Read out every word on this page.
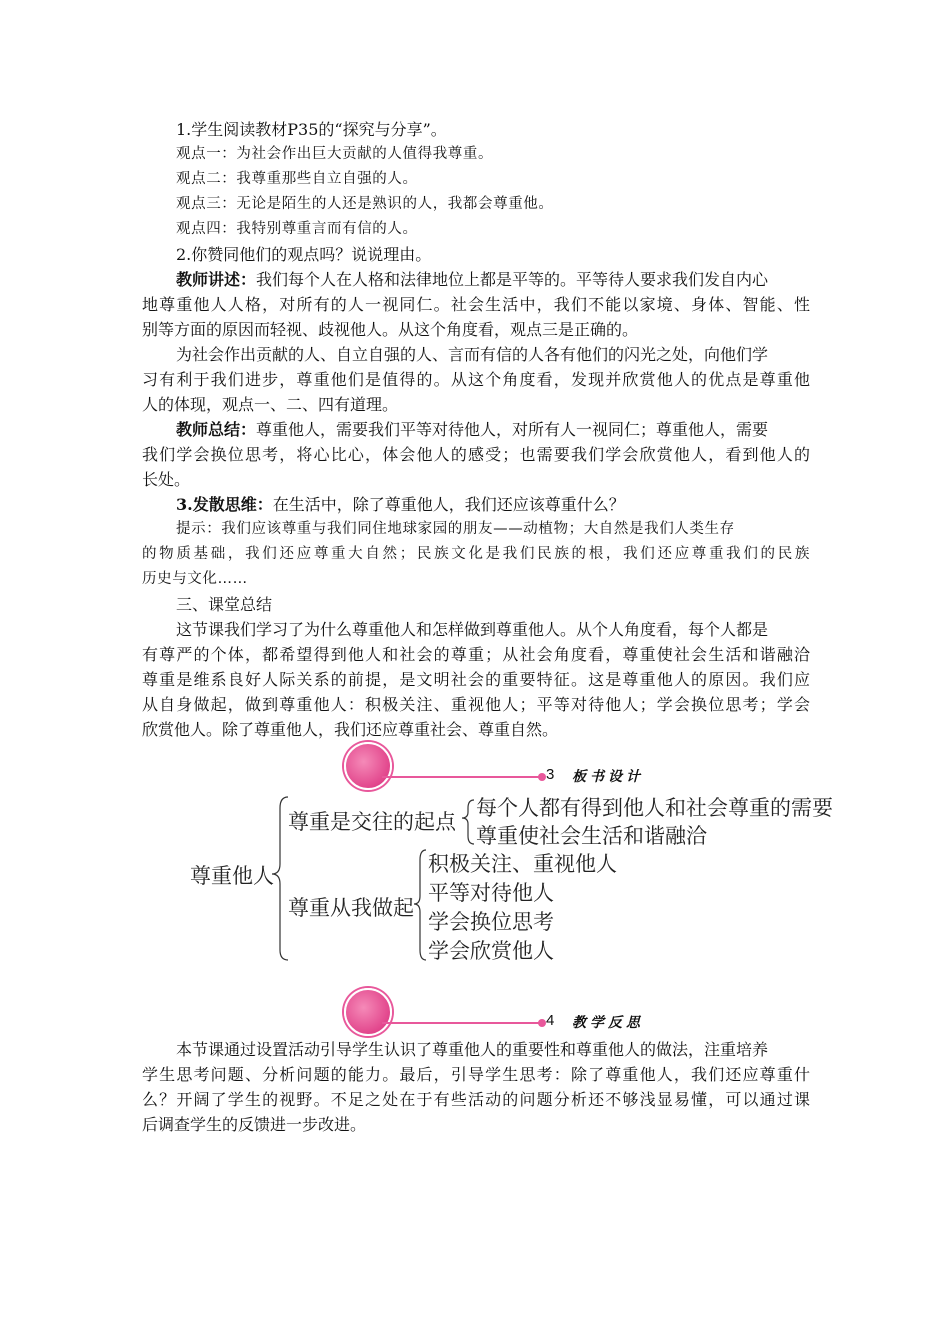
1.学生阅读教材P35的“探究与分享”。
观点一：为社会作出巨大贡献的人值得我尊重。
观点二：我尊重那些自立自强的人。
观点三：无论是陌生的人还是熟识的人，我都会尊重他。
观点四：我特别尊重言而有信的人。
2.你赞同他们的观点吗？说说理由。
教师讲述：我们每个人在人格和法律地位上都是平等的。平等待人要求我们发自内心
地尊重他人人格，对所有的人一视同仁。社会生活中，我们不能以家境、身体、智能、性
别等方面的原因而轻视、歧视他人。从这个角度看，观点三是正确的。
为社会作出贡献的人、自立自强的人、言而有信的人各有他们的闪光之处，向他们学
习有利于我们进步，尊重他们是值得的。从这个角度看，发现并欣赏他人的优点是尊重他
人的体现，观点一、二、四有道理。
教师总结：尊重他人，需要我们平等对待他人，对所有人一视同仁；尊重他人，需要
我们学会换位思考，将心比心，体会他人的感受；也需要我们学会欣赏他人，看到他人的
长处。
3.发散思维：在生活中，除了尊重他人，我们还应该尊重什么？
提示：我们应该尊重与我们同住地球家园的朋友——动植物；大自然是我们人类生存
的物质基础，我们还应尊重大自然；民族文化是我们民族的根，我们还应尊重我们的民族
历史与文化……
三、课堂总结
这节课我们学习了为什么尊重他人和怎样做到尊重他人。从个人角度看，每个人都是
有尊严的个体，都希望得到他人和社会的尊重；从社会角度看，尊重使社会生活和谐融洽
尊重是维系良好人际关系的前提，是文明社会的重要特征。这是尊重他人的原因。我们应
从自身做起，做到尊重他人：积极关注、重视他人；平等对待他人；学会换位思考；学会
欣赏他人。除了尊重他人，我们还应尊重社会、尊重自然。
3 板书设计
尊重他人
尊重是交往的起点
每个人都有得到他人和社会尊重的需要
尊重使社会生活和谐融洽
尊重从我做起
积极关注、重视他人
平等对待他人
学会换位思考
学会欣赏他人
4 教学反思
本节课通过设置活动引导学生认识了尊重他人的重要性和尊重他人的做法，注重培养
学生思考问题、分析问题的能力。最后，引导学生思考：除了尊重他人，我们还应尊重什
么？开阔了学生的视野。不足之处在于有些活动的问题分析还不够浅显易懂，可以通过课
后调查学生的反馈进一步改进。
